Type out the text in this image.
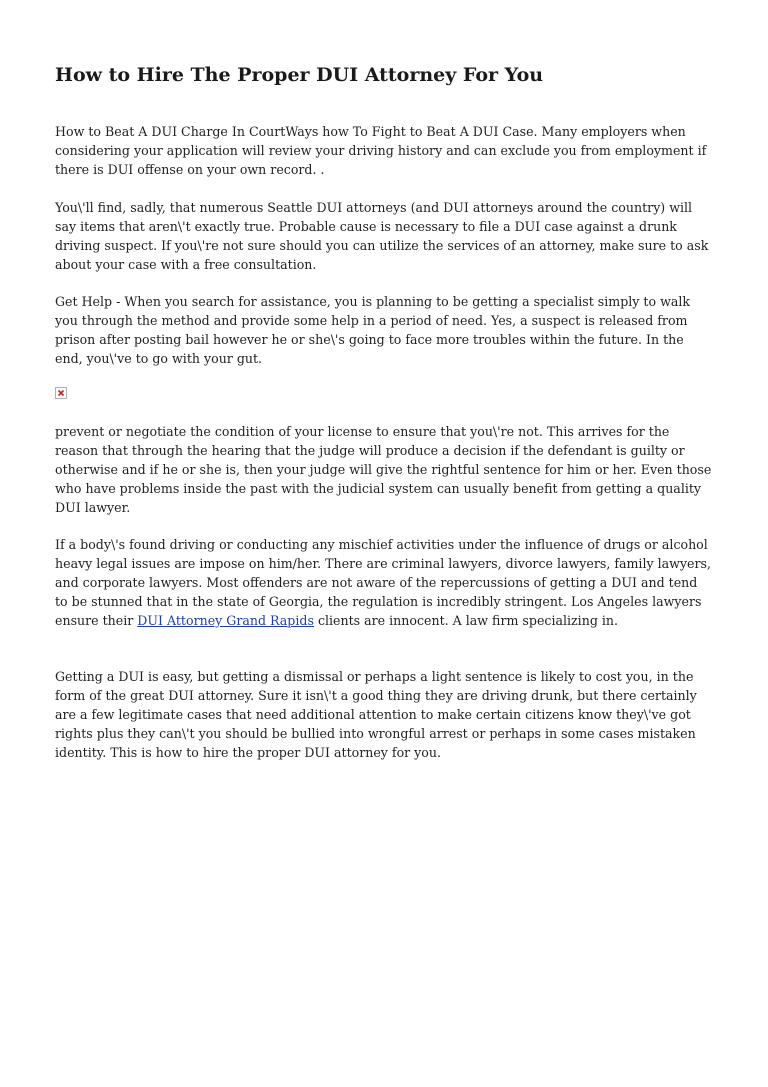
How to Hire The Proper DUI Attorney For You

How to Beat A DUI Charge In CourtWays how To Fight to Beat A DUI Case. Many employers when considering your application will review your driving history and can exclude you from employment if there is DUI offense on your own record. .

You\'ll find, sadly, that numerous Seattle DUI attorneys (and DUI attorneys around the country) will say items that aren\'t exactly true. Probable cause is necessary to file a DUI case against a drunk driving suspect. If you\'re not sure should you can utilize the services of an attorney, make sure to ask about your case with a free consultation.

Get Help - When you search for assistance, you is planning to be getting a specialist simply to walk you through the method and provide some help in a period of need. Yes, a suspect is released from prison after posting bail however he or she\'s going to face more troubles within the future. In the end, you\'ve to go with your gut.

prevent or negotiate the condition of your license to ensure that you\'re not. This arrives for the reason that through the hearing that the judge will produce a decision if the defendant is guilty or otherwise and if he or she is, then your judge will give the rightful sentence for him or her. Even those who have problems inside the past with the judicial system can usually benefit from getting a quality DUI lawyer.

If a body\'s found driving or conducting any mischief activities under the influence of drugs or alcohol heavy legal issues are impose on him/her. There are criminal lawyers, divorce lawyers, family lawyers, and corporate lawyers. Most offenders are not aware of the repercussions of getting a DUI and tend to be stunned that in the state of Georgia, the regulation is incredibly stringent. Los Angeles lawyers ensure their DUI Attorney Grand Rapids clients are innocent. A law firm specializing in.

Getting a DUI is easy, but getting a dismissal or perhaps a light sentence is likely to cost you, in the form of the great DUI attorney. Sure it isn\'t a good thing they are driving drunk, but there certainly are a few legitimate cases that need additional attention to make certain citizens know they\'ve got rights plus they can\'t you should be bullied into wrongful arrest or perhaps in some cases mistaken identity. This is how to hire the proper DUI attorney for you.
